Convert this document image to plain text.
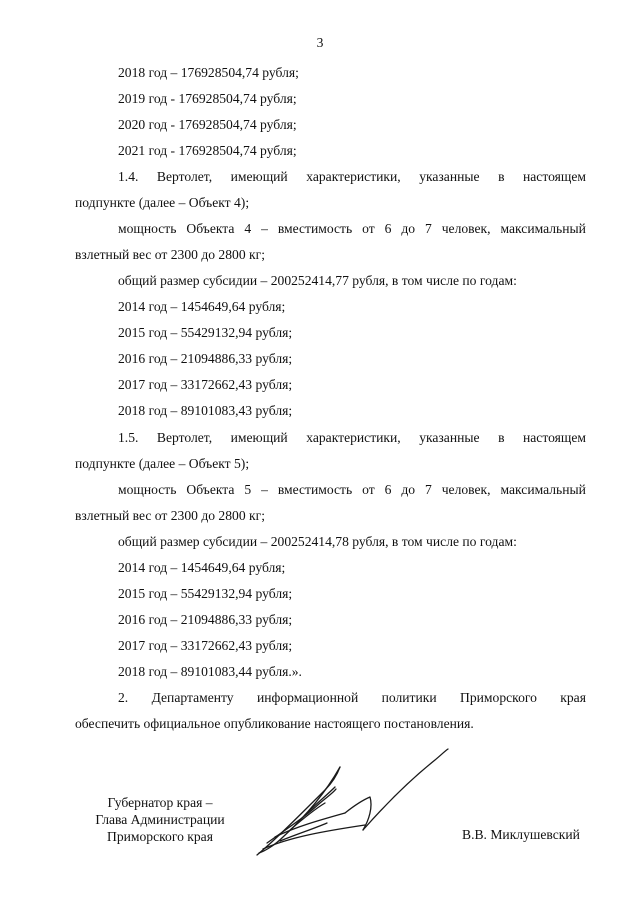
3
2018 год – 176928504,74 рубля;
2019 год - 176928504,74 рубля;
2020 год - 176928504,74 рубля;
2021 год - 176928504,74 рубля;
1.4. Вертолет, имеющий характеристики, указанные в настоящем
подпункте (далее – Объект 4);
мощность Объекта 4 – вместимость от 6 до 7 человек, максимальный
взлетный вес от 2300 до 2800 кг;
общий размер субсидии – 200252414,77 рубля, в том числе по годам:
2014 год – 1454649,64 рубля;
2015 год – 55429132,94 рубля;
2016 год – 21094886,33 рубля;
2017 год – 33172662,43 рубля;
2018 год – 89101083,43 рубля;
1.5. Вертолет, имеющий характеристики, указанные в настоящем
подпункте (далее – Объект 5);
мощность Объекта 5 – вместимость от 6 до 7 человек, максимальный
взлетный вес от 2300 до 2800 кг;
общий размер субсидии – 200252414,78 рубля, в том числе по годам:
2014 год – 1454649,64 рубля;
2015 год – 55429132,94 рубля;
2016 год – 21094886,33 рубля;
2017 год – 33172662,43 рубля;
2018 год – 89101083,44 рубля.».
2. Департаменту информационной политики Приморского края
обеспечить официальное опубликование настоящего постановления.
Губернатор края –
Глава Администрации
Приморского края	В.В. Миклушевский
